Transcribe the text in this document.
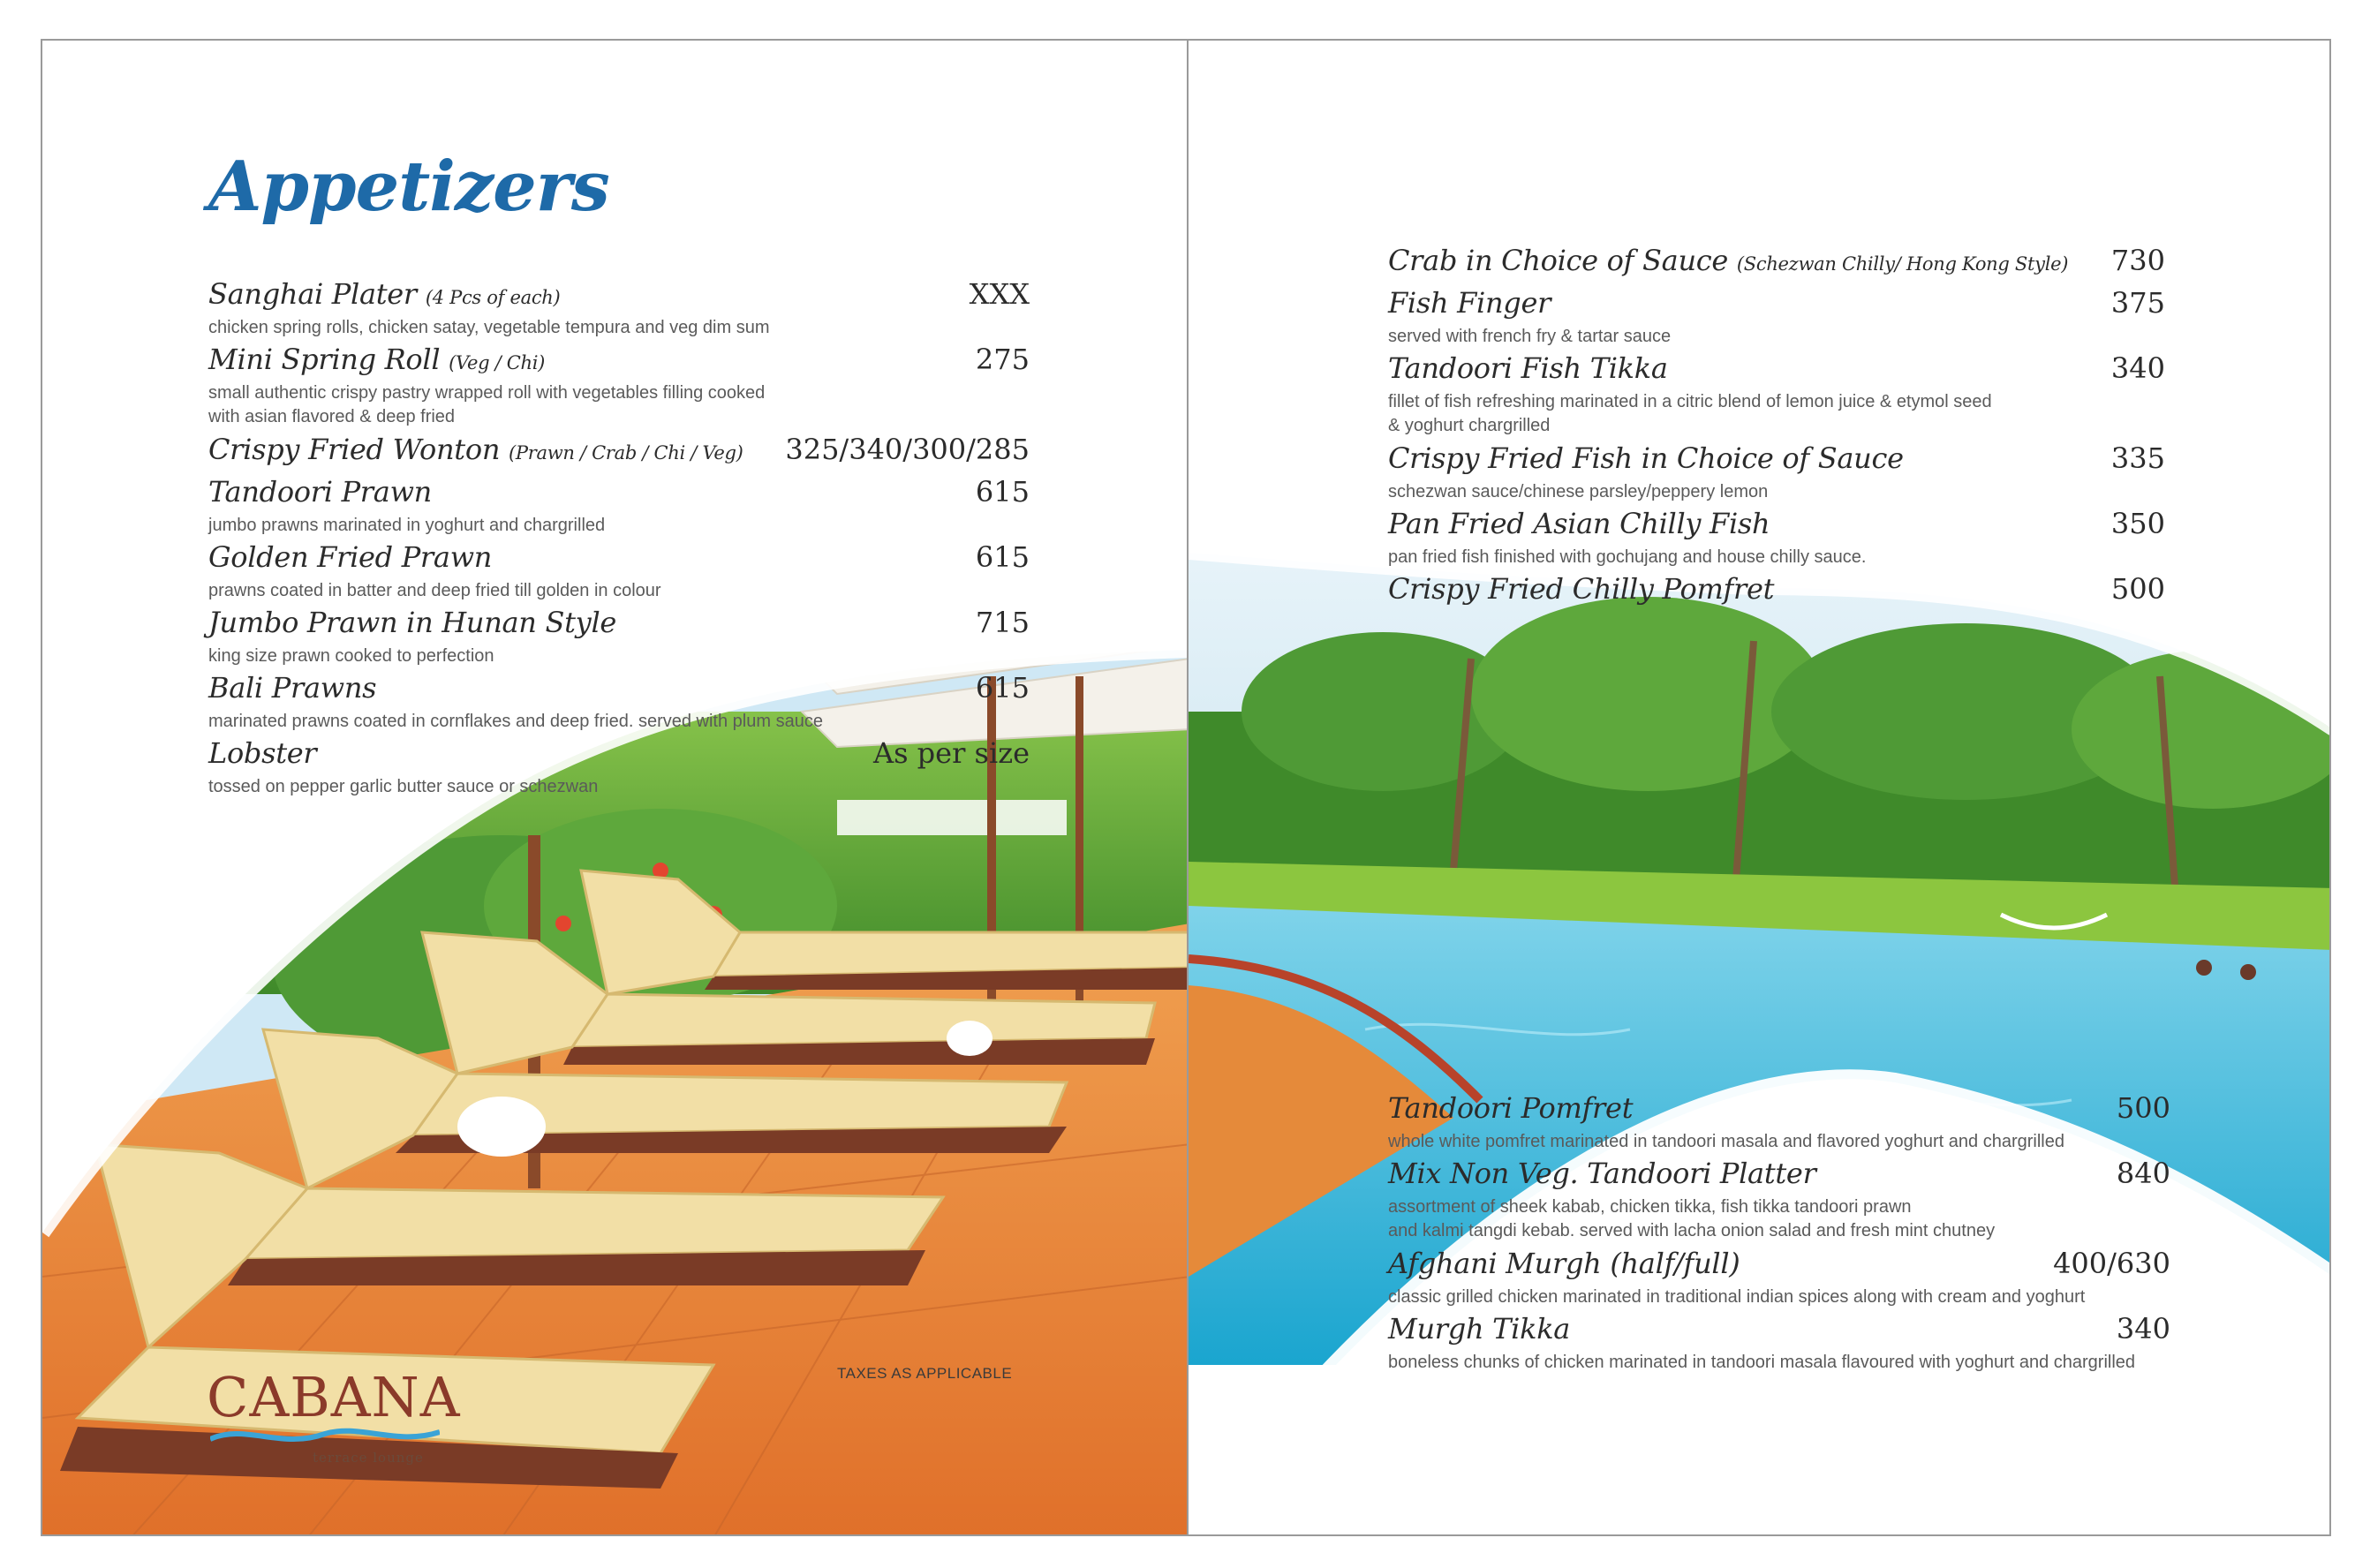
Appetizers
Sanghai Plater (4 Pcs of each)	XXX
chicken spring rolls, chicken satay, vegetable tempura and veg dim sum
Mini Spring Roll (Veg / Chi)	275
small authentic crispy pastry wrapped roll with vegetables filling cooked
with asian flavored & deep fried
Crispy Fried Wonton (Prawn / Crab / Chi / Veg) 325/340/300/285
Tandoori Prawn	615
jumbo prawns marinated in yoghurt and chargrilled
Golden Fried Prawn	615
prawns coated in batter and deep fried till golden in colour
Jumbo Prawn in Hunan Style	715
king size prawn cooked to perfection
Bali Prawns	615
marinated prawns coated in cornflakes and deep fried. served with plum sauce
Lobster	As per size
tossed on pepper garlic butter sauce or schezwan
TAXES AS APPLICABLE
CABANA
terrace lounge
Crab in Choice of Sauce (Schezwan Chilly/ Hong Kong Style) 730
Fish Finger	375
served with french fry & tartar sauce
Tandoori Fish Tikka	340
fillet of fish refreshing marinated in a citric blend of lemon juice & etymol seed
& yoghurt chargrilled
Crispy Fried Fish in Choice of Sauce	335
schezwan sauce/chinese parsley/peppery lemon
Pan Fried Asian Chilly Fish	350
pan fried fish finished with gochujang and house chilly sauce.
Crispy Fried Chilly Pomfret	500
Tandoori Pomfret	500
whole white pomfret marinated in tandoori masala and flavored yoghurt and chargrilled
Mix Non Veg. Tandoori Platter	840
assortment of sheek kabab, chicken tikka, fish tikka tandoori prawn
and kalmi tangdi kebab. served with lacha onion salad and fresh mint chutney
Afghani Murgh (half/full)	400/630
classic grilled chicken marinated in traditional indian spices along with cream and yoghurt
Murgh Tikka	340
boneless chunks of chicken marinated in tandoori masala flavoured with yoghurt and chargrilled
